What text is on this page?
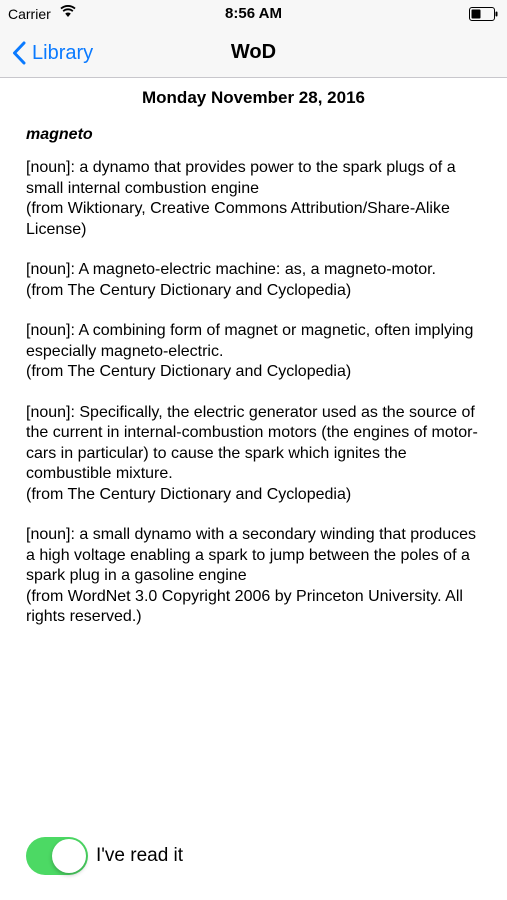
Carrier	8:56 AM
Library	WoD
Monday November 28, 2016
magneto
[noun]: a dynamo that provides power to the spark plugs of a small internal combustion engine
(from Wiktionary, Creative Commons Attribution/Share-Alike License)
[noun]: A magneto-electric machine: as, a magneto-motor.
(from The Century Dictionary and Cyclopedia)
[noun]: A combining form of magnet or magnetic, often implying especially magneto-electric.
(from The Century Dictionary and Cyclopedia)
[noun]: Specifically, the electric generator used as the source of the current in internal-combustion motors (the engines of motor-cars in particular) to cause the spark which ignites the combustible mixture.
(from The Century Dictionary and Cyclopedia)
[noun]: a small dynamo with a secondary winding that produces a high voltage enabling a spark to jump between the poles of a spark plug in a gasoline engine
(from WordNet 3.0 Copyright 2006 by Princeton University. All rights reserved.)
I've read it
